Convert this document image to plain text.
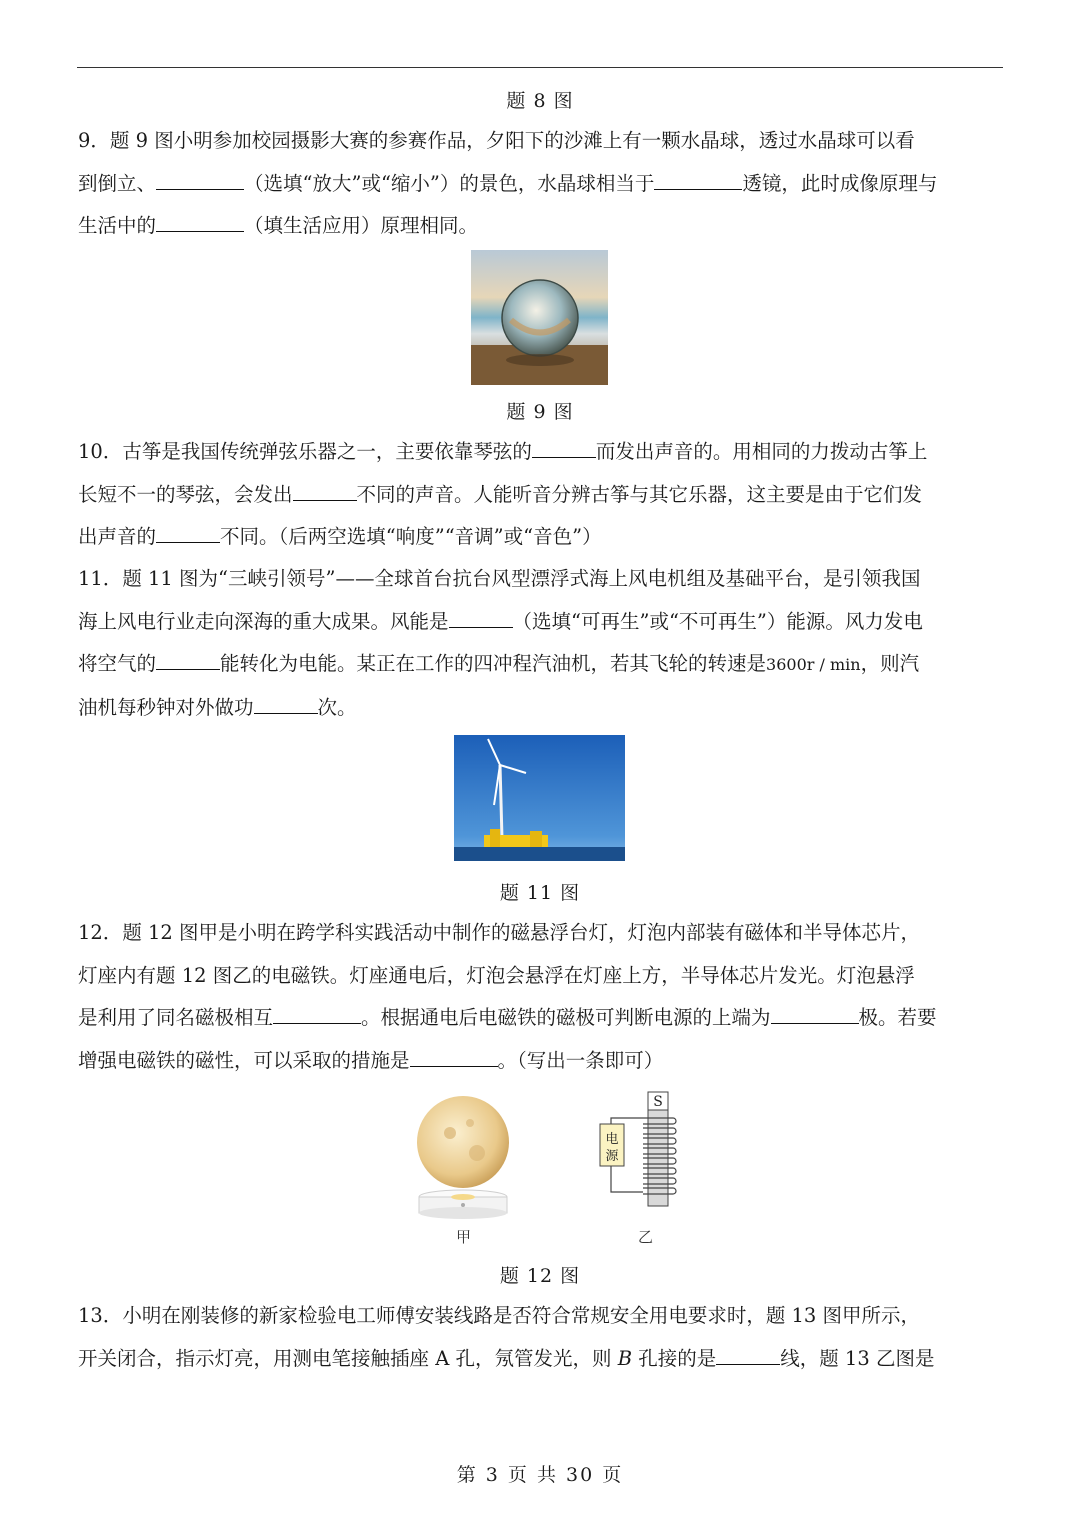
题 8 图
9．题 9 图小明参加校园摄影大赛的参赛作品，夕阳下的沙滩上有一颗水晶球，透过水晶球可以看
到倒立、	（选填“放大”或“缩小”）的景色，水晶球相当于	透镜，此时成像原理与
生活中的	（填生活应用）原理相同。
题 9 图
10．古筝是我国传统弹弦乐器之一，主要依靠琴弦的	而发出声音的。用相同的力拨动古筝上
长短不一的琴弦，会发出	不同的声音。人能听音分辨古筝与其它乐器，这主要是由于它们发
出声音的	不同。（后两空选填“响度”“音调”或“音色”）
11．题 11 图为“三峡引领号”——全球首台抗台风型漂浮式海上风电机组及基础平台，是引领我国
海上风电行业走向深海的重大成果。风能是	（选填“可再生”或“不可再生”）能源。风力发电
将空气的	能转化为电能。某正在工作的四冲程汽油机，若其飞轮的转速是3600r / min，则汽
油机每秒钟对外做功	次。
题 11 图
12．题 12 图甲是小明在跨学科实践活动中制作的磁悬浮台灯，灯泡内部装有磁体和半导体芯片，
灯座内有题 12 图乙的电磁铁。灯座通电后，灯泡会悬浮在灯座上方，半导体芯片发光。灯泡悬浮
是利用了同名磁极相互	。根据通电后电磁铁的磁极可判断电源的上端为	极。若要
增强电磁铁的磁性，可以采取的措施是	。（写出一条即可）
S
电
源
甲	乙
题 12 图
13．小明在刚装修的新家检验电工师傅安装线路是否符合常规安全用电要求时，题 13 图甲所示，
开关闭合，指示灯亮，用测电笔接触插座 A 孔，氖管发光，则 B 孔接的是	线，题 13 乙图是
第 3 页 共 30 页
